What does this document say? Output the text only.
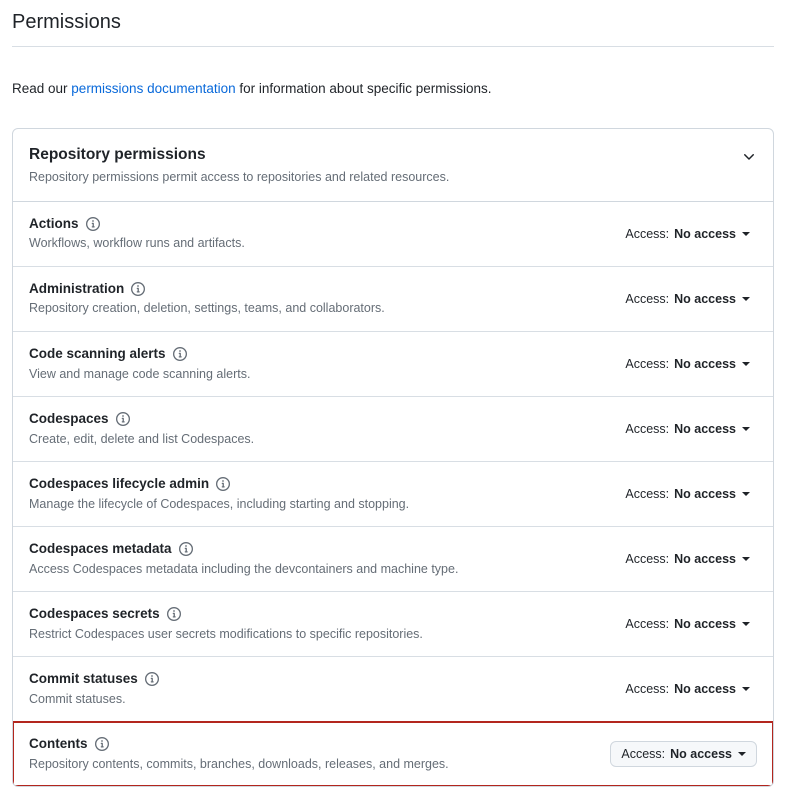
Permissions

Read our permissions documentation for information about specific permissions.

Repository permissions

Repository permissions permit access to repositories and related resources.

Actions
Workflows, workflow runs and artifacts.
Access: No access
Administration
Repository creation, deletion, settings, teams, and collaborators.
Access: No access
Code scanning alerts
View and manage code scanning alerts.
Access: No access
Codespaces
Create, edit, delete and list Codespaces.
Access: No access
Codespaces lifecycle admin
Manage the lifecycle of Codespaces, including starting and stopping.
Access: No access
Codespaces metadata
Access Codespaces metadata including the devcontainers and machine type.
Access: No access
Codespaces secrets
Restrict Codespaces user secrets modifications to specific repositories.
Access: No access
Commit statuses
Commit statuses.
Access: No access
Contents
Repository contents, commits, branches, downloads, releases, and merges.
Access: No access
